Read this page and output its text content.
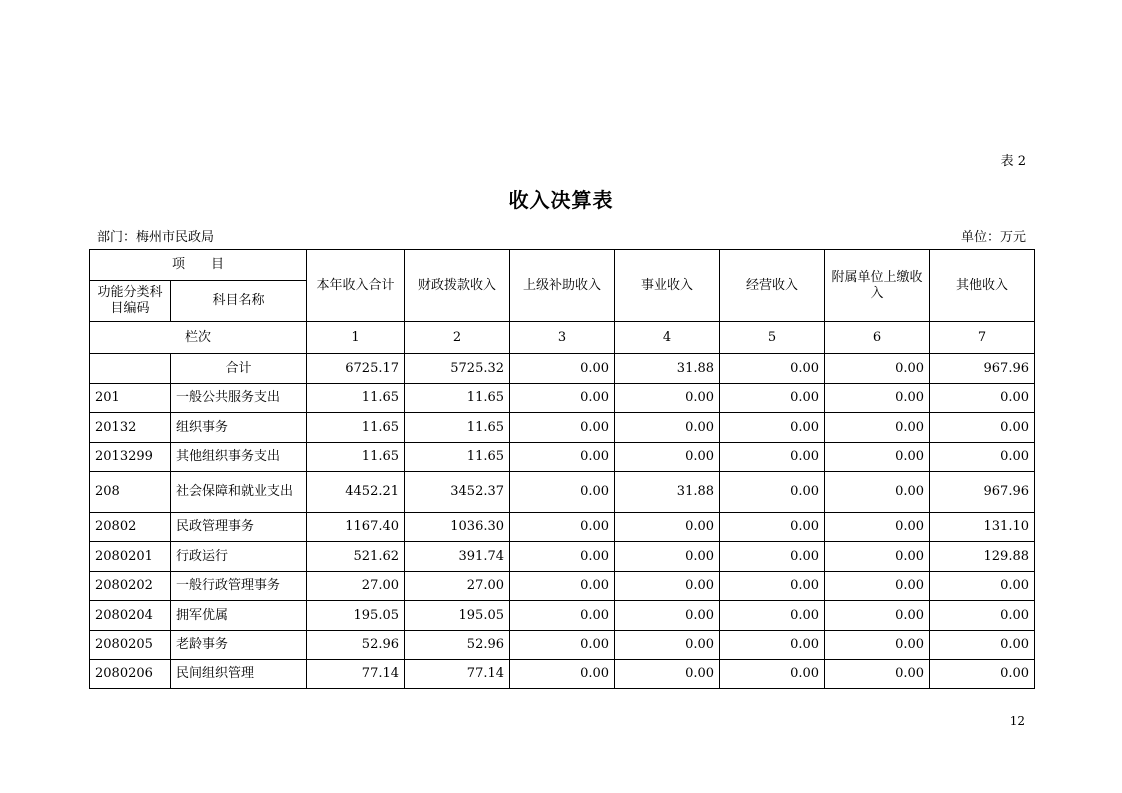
表 2
收入决算表
部门：梅州市民政局	单位：万元
项　　目		本年收入合计	财政拨款收入	上级补助收入	事业收入	经营收入	附属单位上缴收入	其他收入
功能分类科目编码	科目名称							
栏次		1	2	3	4	5	6	7
	合计	6725.17	5725.32	0.00	31.88	0.00	0.00	967.96
201	一般公共服务支出	11.65	11.65	0.00	0.00	0.00	0.00	0.00
20132	组织事务	11.65	11.65	0.00	0.00	0.00	0.00	0.00
2013299	其他组织事务支出	11.65	11.65	0.00	0.00	0.00	0.00	0.00
208	社会保障和就业支出	4452.21	3452.37	0.00	31.88	0.00	0.00	967.96
20802	民政管理事务	1167.40	1036.30	0.00	0.00	0.00	0.00	131.10
2080201	行政运行	521.62	391.74	0.00	0.00	0.00	0.00	129.88
2080202	一般行政管理事务	27.00	27.00	0.00	0.00	0.00	0.00	0.00
2080204	拥军优属	195.05	195.05	0.00	0.00	0.00	0.00	0.00
2080205	老龄事务	52.96	52.96	0.00	0.00	0.00	0.00	0.00
2080206	民间组织管理	77.14	77.14	0.00	0.00	0.00	0.00	0.00
12
